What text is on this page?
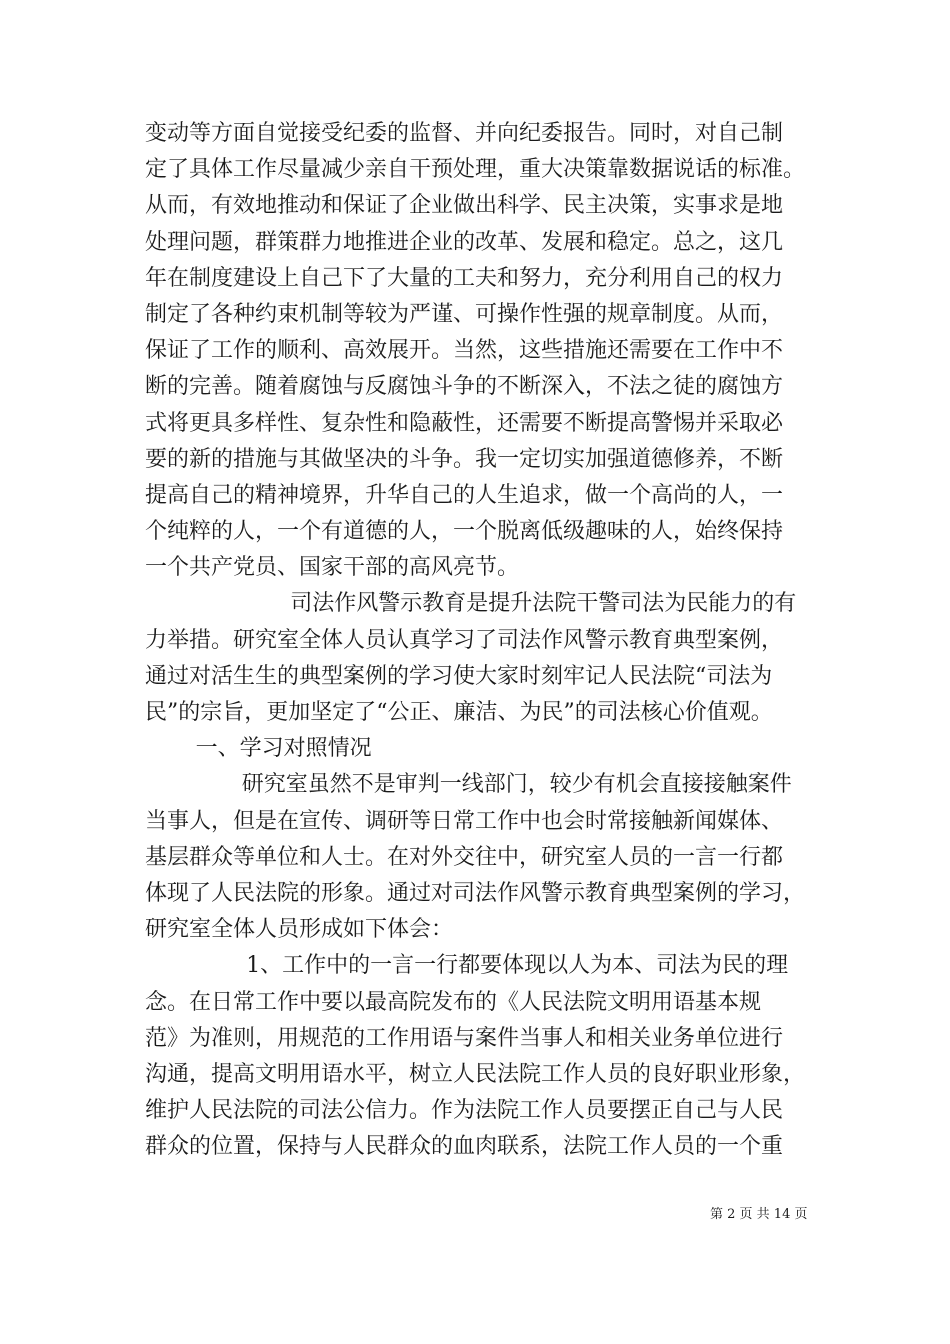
变动等方面自觉接受纪委的监督、并向纪委报告。同时，对自己制
定了具体工作尽量减少亲自干预处理，重大决策靠数据说话的标准。
从而，有效地推动和保证了企业做出科学、民主决策，实事求是地
处理问题，群策群力地推进企业的改革、发展和稳定。总之，这几
年在制度建设上自己下了大量的工夫和努力，充分利用自己的权力
制定了各种约束机制等较为严谨、可操作性强的规章制度。从而，
保证了工作的顺利、高效展开。当然，这些措施还需要在工作中不
断的完善。随着腐蚀与反腐蚀斗争的不断深入，不法之徒的腐蚀方
式将更具多样性、复杂性和隐蔽性，还需要不断提高警惕并采取必
要的新的措施与其做坚决的斗争。我一定切实加强道德修养，不断
提高自己的精神境界，升华自己的人生追求，做一个高尚的人，一
个纯粹的人，一个有道德的人，一个脱离低级趣味的人，始终保持
一个共产党员、国家干部的高风亮节。
司法作风警示教育是提升法院干警司法为民能力的有
力举措。研究室全体人员认真学习了司法作风警示教育典型案例，
通过对活生生的典型案例的学习使大家时刻牢记人民法院“司法为
民”的宗旨，更加坚定了“公正、廉洁、为民”的司法核心价值观。
一、学习对照情况
研究室虽然不是审判一线部门，较少有机会直接接触案件
当事人，但是在宣传、调研等日常工作中也会时常接触新闻媒体、
基层群众等单位和人士。在对外交往中，研究室人员的一言一行都
体现了人民法院的形象。通过对司法作风警示教育典型案例的学习，
研究室全体人员形成如下体会：
1、工作中的一言一行都要体现以人为本、司法为民的理
念。在日常工作中要以最高院发布的《人民法院文明用语基本规
范》为准则，用规范的工作用语与案件当事人和相关业务单位进行
沟通，提高文明用语水平，树立人民法院工作人员的良好职业形象，
维护人民法院的司法公信力。作为法院工作人员要摆正自己与人民
群众的位置，保持与人民群众的血肉联系，法院工作人员的一个重
第 2 页 共 14 页
